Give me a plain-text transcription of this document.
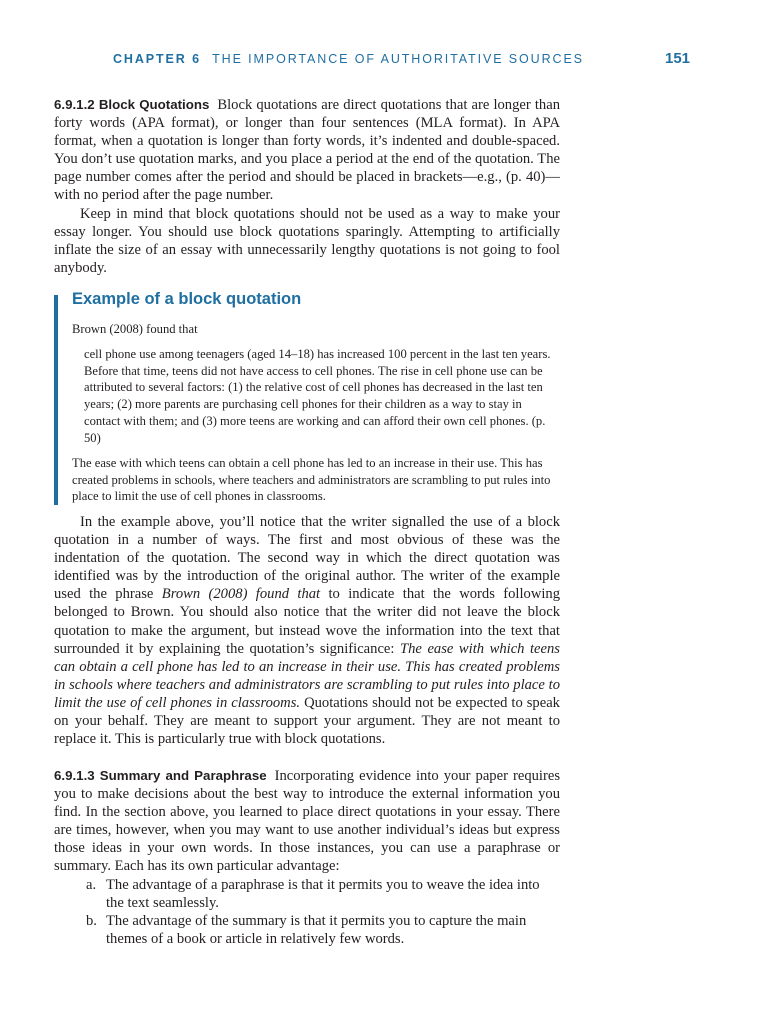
CHAPTER 6 THE IMPORTANCE OF AUTHORITATIVE SOURCES	151

6.9.1.2 Block Quotations Block quotations are direct quotations that are longer than forty words (APA format), or longer than four sentences (MLA format). In APA format, when a quotation is longer than forty words, it’s indented and double-spaced. You don’t use quotation marks, and you place a period at the end of the quotation. The page number comes after the period and should be placed in brackets—e.g., (p. 40)—with no period after the page number.

Keep in mind that block quotations should not be used as a way to make your essay longer. You should use block quotations sparingly. Attempting to artificially inflate the size of an essay with unnecessarily lengthy quotations is not going to fool anybody.

Example of a block quotation

Brown (2008) found that

cell phone use among teenagers (aged 14–18) has increased 100 percent in the last ten years. Before that time, teens did not have access to cell phones. The rise in cell phone use can be attributed to several factors: (1) the relative cost of cell phones has decreased in the last ten years; (2) more parents are purchasing cell phones for their children as a way to stay in contact with them; and (3) more teens are working and can afford their own cell phones. (p. 50)

The ease with which teens can obtain a cell phone has led to an increase in their use. This has created problems in schools, where teachers and administrators are scrambling to put rules into place to limit the use of cell phones in classrooms.

In the example above, you’ll notice that the writer signalled the use of a block quotation in a number of ways. The first and most obvious of these was the indentation of the quotation. The second way in which the direct quotation was identified was by the introduction of the original author. The writer of the example used the phrase Brown (2008) found that to indicate that the words following belonged to Brown. You should also notice that the writer did not leave the block quotation to make the argument, but instead wove the information into the text that surrounded it by explaining the quotation’s significance: The ease with which teens can obtain a cell phone has led to an increase in their use. This has created problems in schools where teachers and administrators are scrambling to put rules into place to limit the use of cell phones in classrooms. Quotations should not be expected to speak on your behalf. They are meant to support your argument. They are not meant to replace it. This is particularly true with block quotations.

6.9.1.3 Summary and Paraphrase Incorporating evidence into your paper requires you to make decisions about the best way to introduce the external information you find. In the section above, you learned to place direct quotations in your essay. There are times, however, when you may want to use another individual’s ideas but express those ideas in your own words. In those instances, you can use a paraphrase or summary. Each has its own particular advantage:

a. The advantage of a paraphrase is that it permits you to weave the idea into the text seamlessly.
b. The advantage of the summary is that it permits you to capture the main themes of a book or article in relatively few words.
